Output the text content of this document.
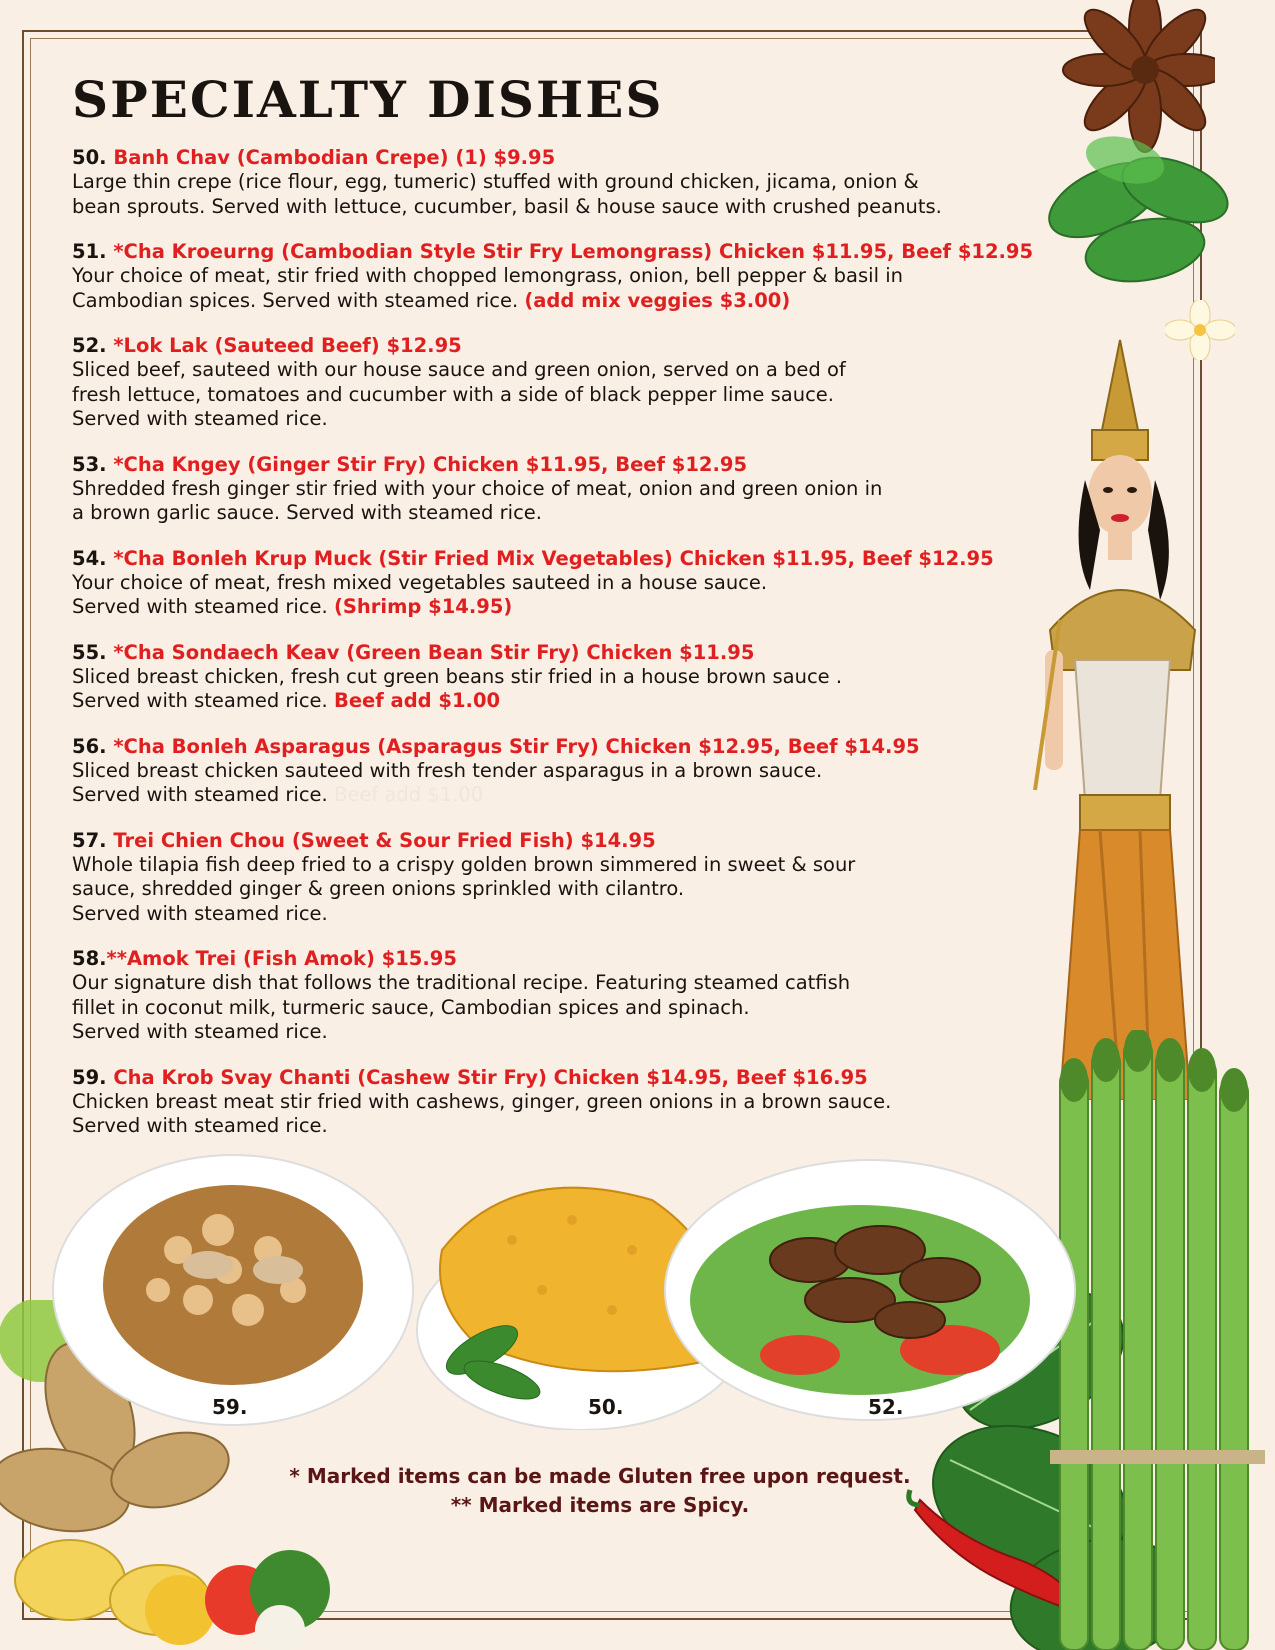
SPECIALTY DISHES
50. Banh Chav (Cambodian Crepe) (1) $9.95
Large thin crepe (rice flour, egg, tumeric) stuffed with ground chicken, jicama, onion &
bean sprouts. Served with lettuce, cucumber, basil & house sauce with crushed peanuts.
51. *Cha Kroeurng (Cambodian Style Stir Fry Lemongrass) Chicken $11.95, Beef $12.95
Your choice of meat, stir fried with chopped lemongrass, onion, bell pepper & basil in
Cambodian spices. Served with steamed rice. (add mix veggies $3.00)
52. *Lok Lak (Sauteed Beef) $12.95
Sliced beef, sauteed with our house sauce and green onion, served on a bed of
fresh lettuce, tomatoes and cucumber with a side of black pepper lime sauce.
Served with steamed rice.
53. *Cha Kngey (Ginger Stir Fry) Chicken $11.95, Beef $12.95
Shredded fresh ginger stir fried with your choice of meat, onion and green onion in
a brown garlic sauce. Served with steamed rice.
54. *Cha Bonleh Krup Muck (Stir Fried Mix Vegetables) Chicken $11.95, Beef $12.95
Your choice of meat, fresh mixed vegetables sauteed in a house sauce.
Served with steamed rice. (Shrimp $14.95)
55. *Cha Sondaech Keav (Green Bean Stir Fry) Chicken $11.95
Sliced breast chicken, fresh cut green beans stir fried in a house brown sauce .
Served with steamed rice. Beef add $1.00
56. *Cha Bonleh Asparagus (Asparagus Stir Fry) Chicken $12.95, Beef $14.95
Sliced breast chicken sauteed with fresh tender asparagus in a brown sauce.
Served with steamed rice. Beef add $1.00
57. Trei Chien Chou (Sweet & Sour Fried Fish) $14.95
Whole tilapia fish deep fried to a crispy golden brown simmered in sweet & sour
sauce, shredded ginger & green onions sprinkled with cilantro.
Served with steamed rice.
58.**Amok Trei (Fish Amok) $15.95
Our signature dish that follows the traditional recipe. Featuring steamed catfish
fillet in coconut milk, turmeric sauce, Cambodian spices and spinach.
Served with steamed rice.
59. Cha Krob Svay Chanti (Cashew Stir Fry) Chicken $14.95, Beef $16.95
Chicken breast meat stir fried with cashews, ginger, green onions in a brown sauce.
Served with steamed rice.
59.	50.	52.
* Marked items can be made Gluten free upon request.
** Marked items are Spicy.
